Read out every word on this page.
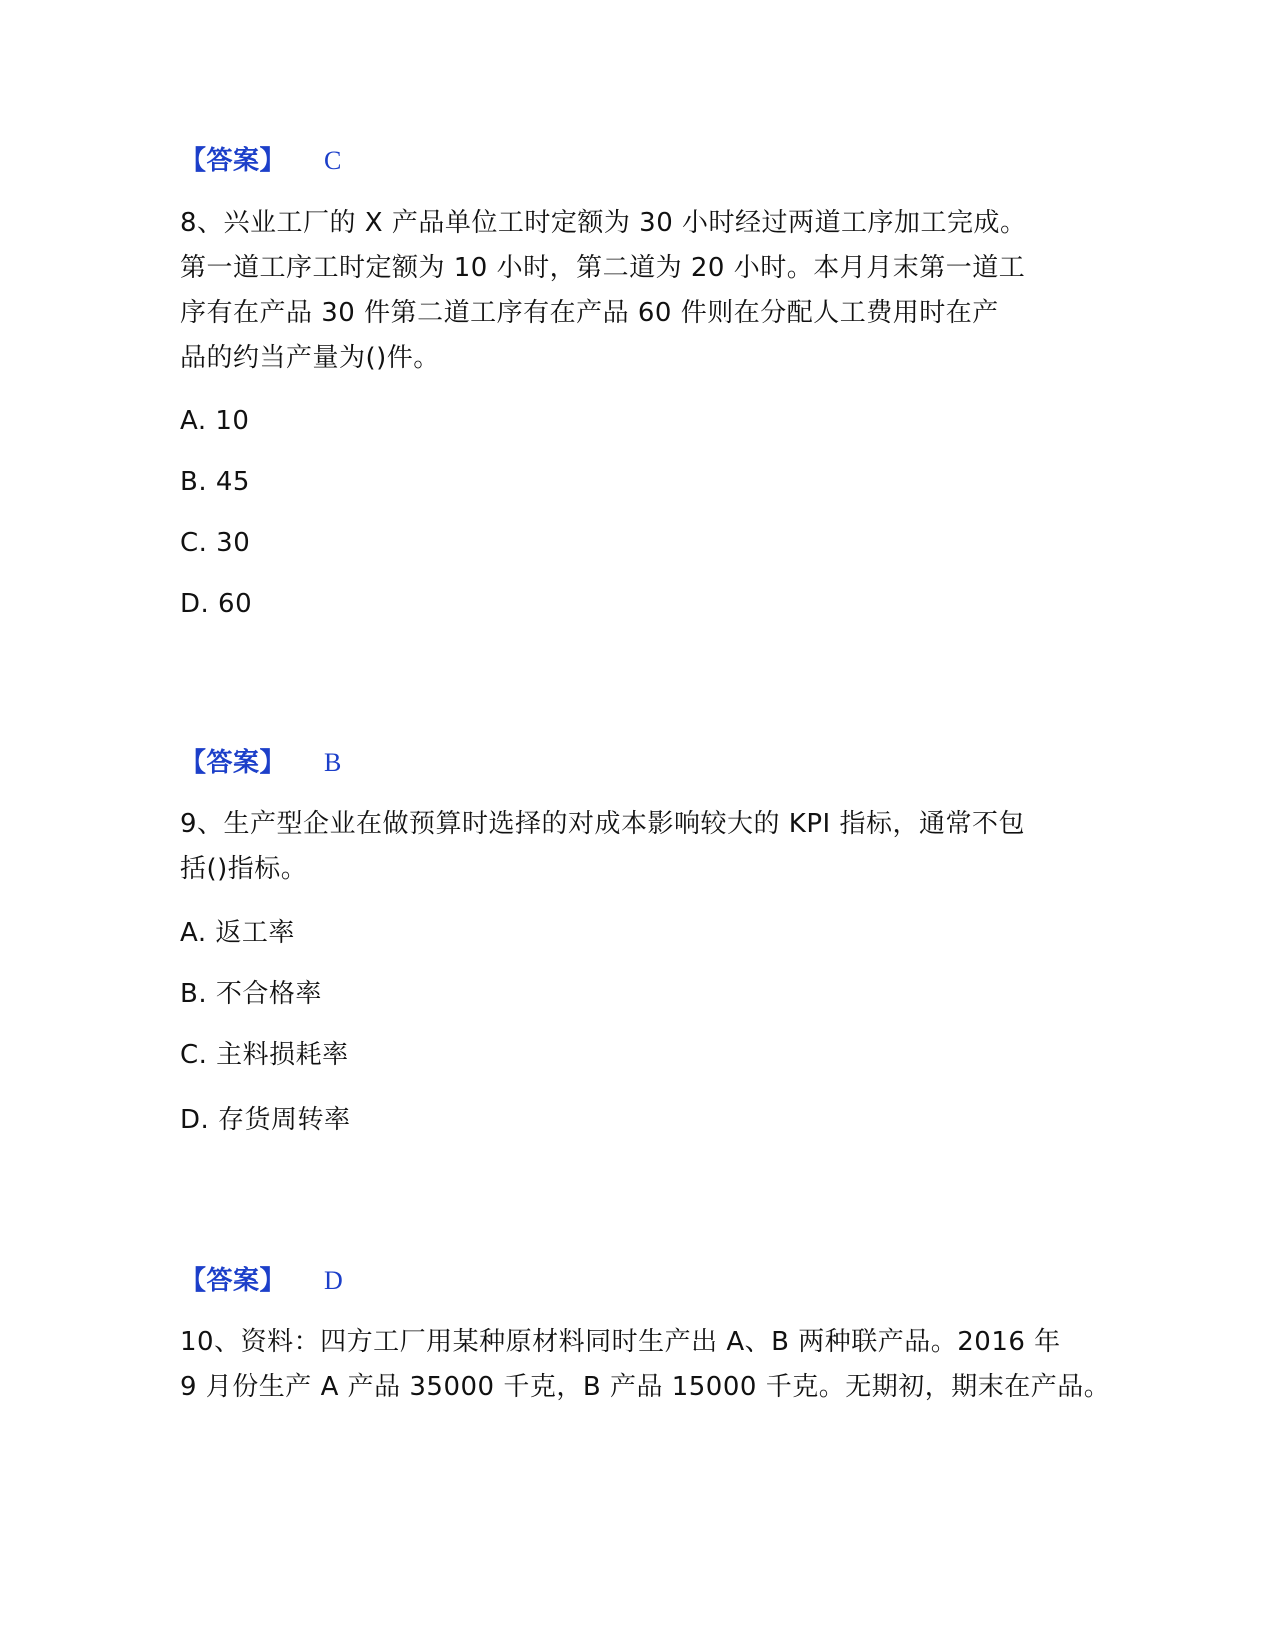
【答案】 C
8、兴业工厂的 X 产品单位工时定额为 30 小时经过两道工序加工完成。
第一道工序工时定额为 10 小时，第二道为 20 小时。本月月末第一道工
序有在产品 30 件第二道工序有在产品 60 件则在分配人工费用时在产
品的约当产量为()件。
A. 10
B. 45
C. 30
D. 60
【答案】 B
9、生产型企业在做预算时选择的对成本影响较大的 KPI 指标，通常不包
括()指标。
A. 返工率
B. 不合格率
C. 主料损耗率
D. 存货周转率
【答案】 D
10、资料：四方工厂用某种原材料同时生产出 A、B 两种联产品。2016 年
9 月份生产 A 产品 35000 千克，B 产品 15000 千克。无期初，期末在产品。
